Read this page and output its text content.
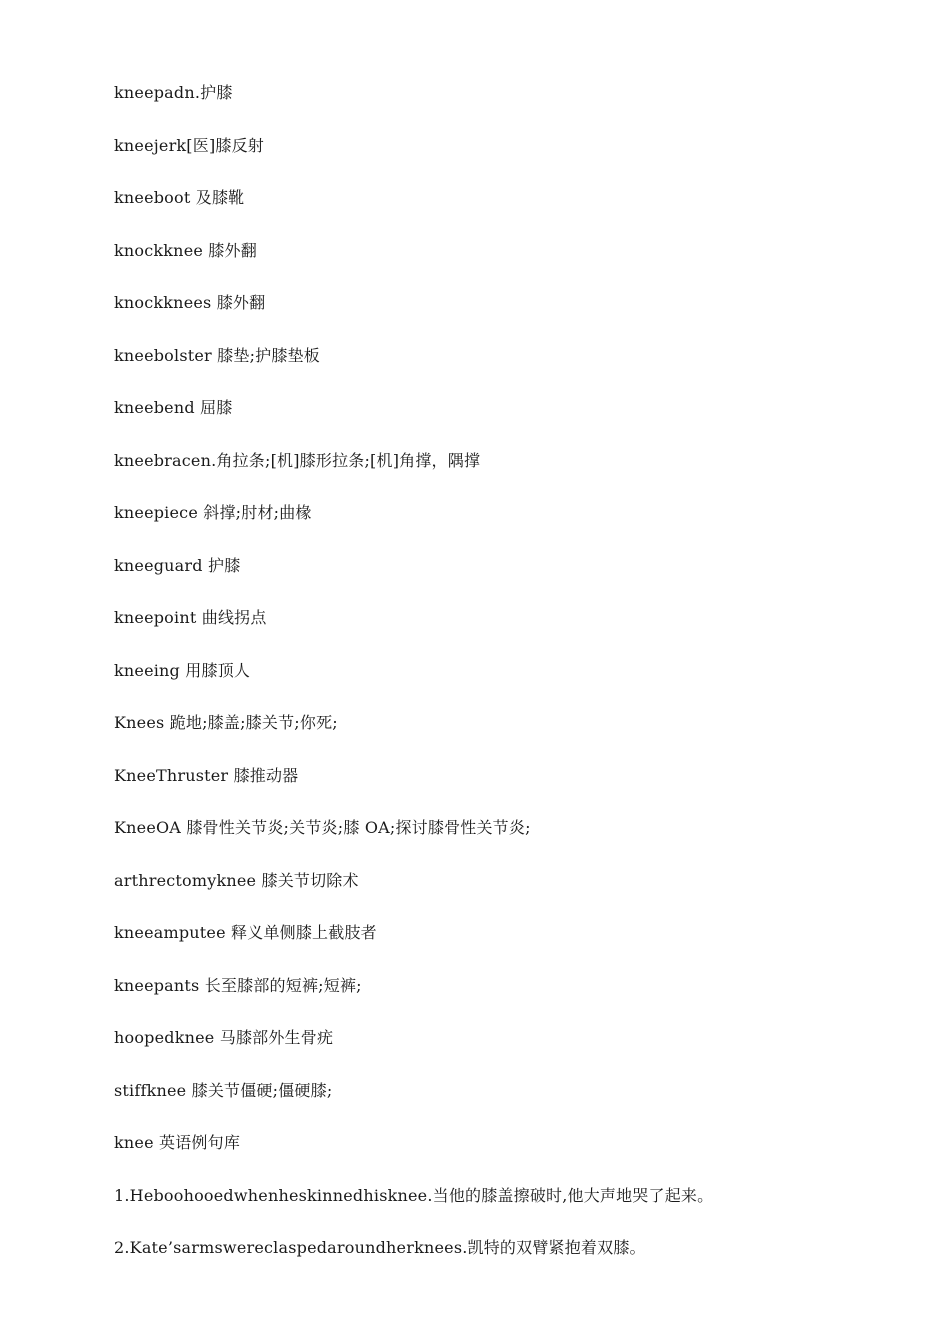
kneepadn.护膝
kneejerk[医]膝反射
kneeboot 及膝靴
knockknee 膝外翻
knockknees 膝外翻
kneebolster 膝垫;护膝垫板
kneebend 屈膝
kneebracen.角拉条;[机]膝形拉条;[机]角撑，隅撑
kneepiece 斜撑;肘材;曲椽
kneeguard 护膝
kneepoint 曲线拐点
kneeing 用膝顶人
Knees 跪地;膝盖;膝关节;你死;
KneeThruster 膝推动器
KneeOA 膝骨性关节炎;关节炎;膝 OA;探讨膝骨性关节炎;
arthrectomyknee 膝关节切除术
kneeamputee 释义单侧膝上截肢者
kneepants 长至膝部的短裤;短裤;
hoopedknee 马膝部外生骨疣
stiffknee 膝关节僵硬;僵硬膝;
knee 英语例句库
1.Heboohooedwhenheskinnedhisknee.当他的膝盖擦破时,他大声地哭了起来。
2.Kate’sarmswereclaspedaroundherknees.凯特的双臂紧抱着双膝。
